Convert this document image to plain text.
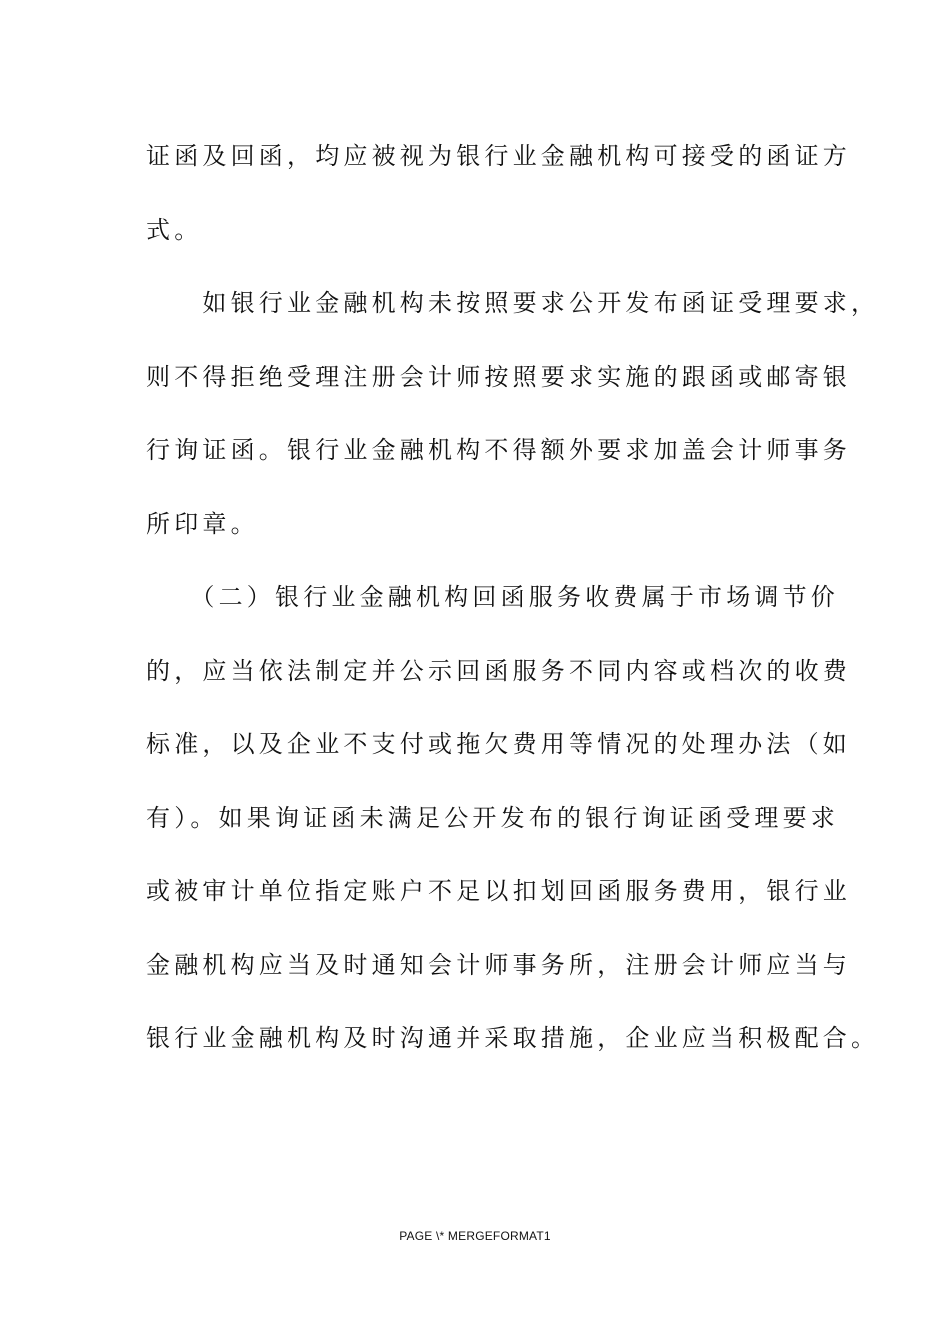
证函及回函，均应被视为银行业金融机构可接受的函证方
式。
　　如银行业金融机构未按照要求公开发布函证受理要求，
则不得拒绝受理注册会计师按照要求实施的跟函或邮寄银
行询证函。银行业金融机构不得额外要求加盖会计师事务
所印章。
　　（二）银行业金融机构回函服务收费属于市场调节价
的，应当依法制定并公示回函服务不同内容或档次的收费
标准，以及企业不支付或拖欠费用等情况的处理办法（如
有）。如果询证函未满足公开发布的银行询证函受理要求
或被审计单位指定账户不足以扣划回函服务费用，银行业
金融机构应当及时通知会计师事务所，注册会计师应当与
银行业金融机构及时沟通并采取措施，企业应当积极配合。
PAGE \* MERGEFORMAT1
